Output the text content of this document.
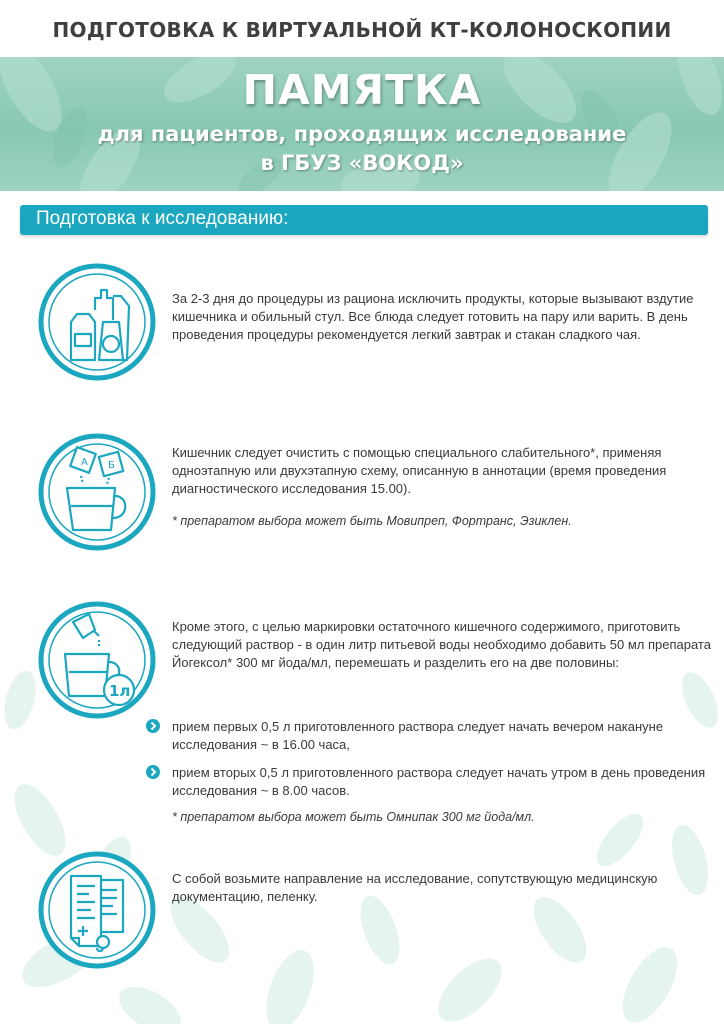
ПОДГОТОВКА К ВИРТУАЛЬНОЙ КТ-КОЛОНОСКОПИИ
ПАМЯТКА
для пациентов, проходящих исследование
в ГБУЗ «ВОКОД»
Подготовка к исследованию:

За 2-3 дня до процедуры из рациона исключить продукты, которые вызывают вздутие кишечника и обильный стул. Все блюда следует готовить на пару или варить. В день проведения процедуры рекомендуется легкий завтрак и стакан сладкого чая.

А Б

Кишечник следует очистить с помощью специального слабительного*, применяя одноэтапную или двухэтапную схему, описанную в аннотации (время проведения диагностического исследования 15.00).

* препаратом выбора может быть Мовипреп, Фортранс, Эзиклен.

1л

Кроме этого, с целью маркировки остаточного кишечного содержимого, приготовить следующий раствор - в один литр питьевой воды необходимо добавить 50 мл препарата Йогексол* 300 мг йода/мл, перемешать и разделить его на две половины:

прием первых 0,5 л приготовленного раствора следует начать вечером накануне исследования ~ в 16.00 часа,
прием вторых 0,5 л приготовленного раствора следует начать утром в день проведения исследования ~ в 8.00 часов.
* препаратом выбора может быть Омнипак 300 мг йода/мл.

С собой возьмите направление на исследование, сопутствующую медицинскую документацию, пеленку.
